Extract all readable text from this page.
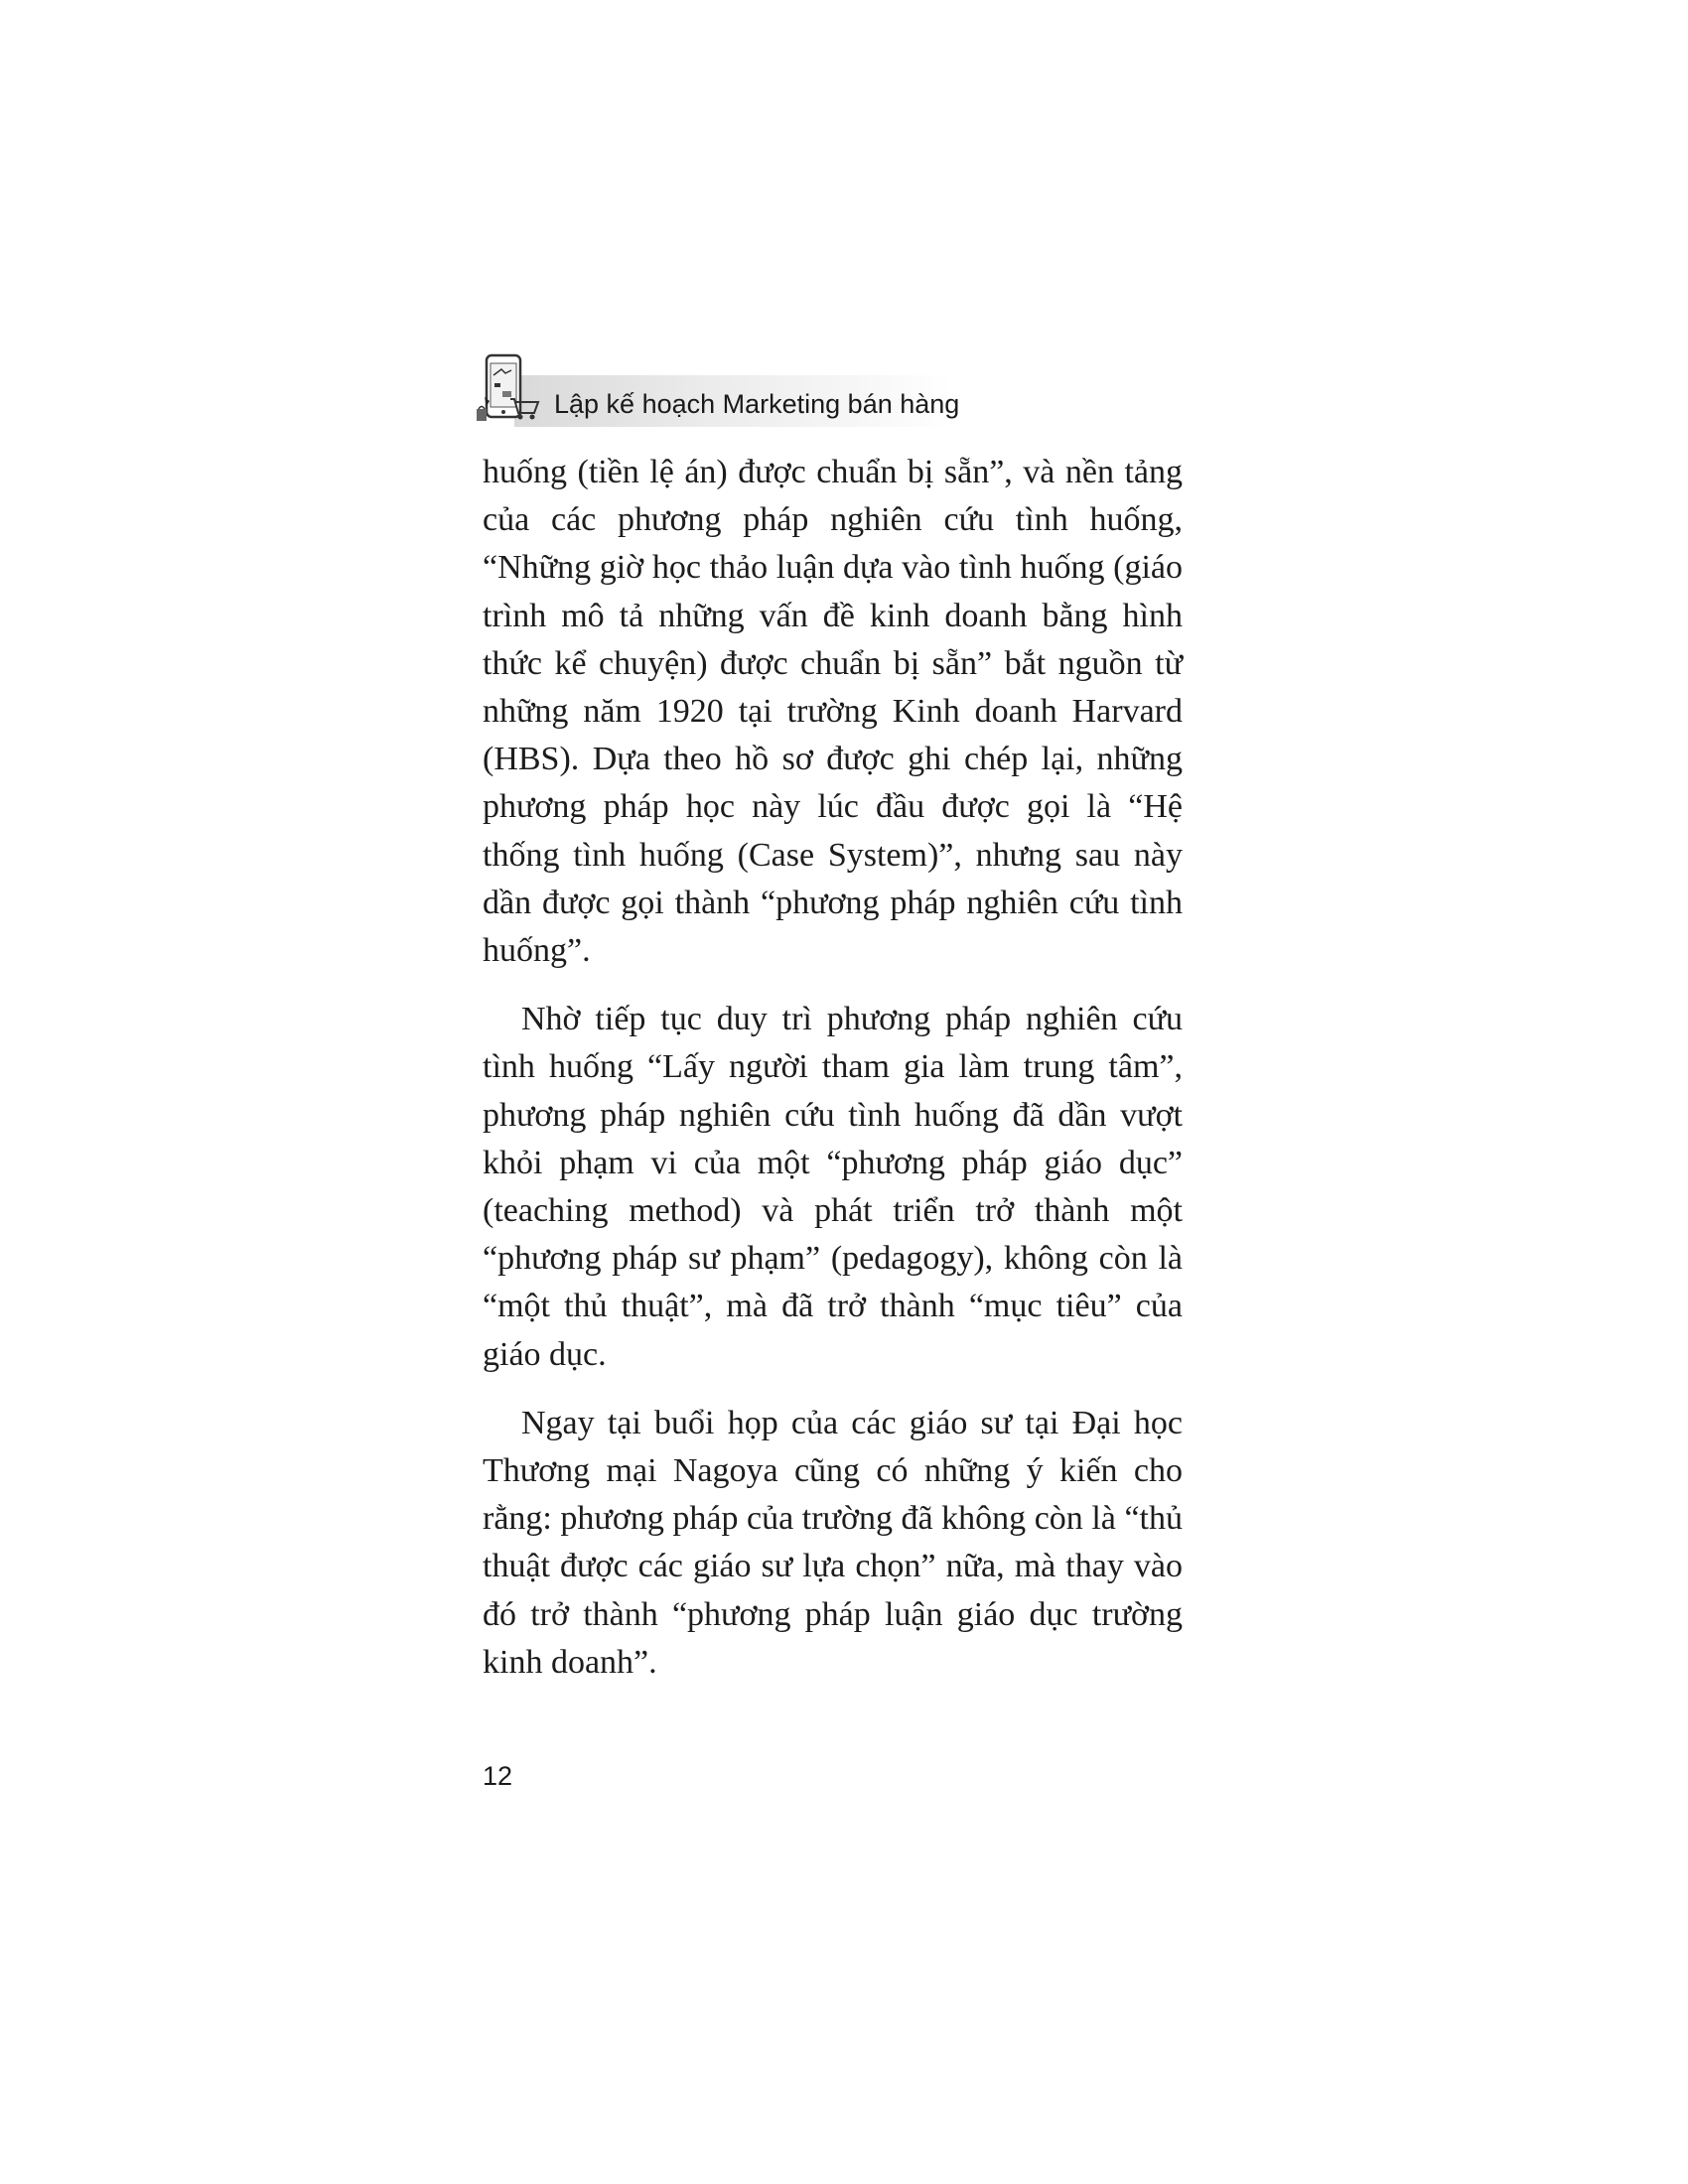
Lập kế hoạch Marketing bán hàng

huống (tiền lệ án) được chuẩn bị sẵn”, và nền tảng của các phương pháp nghiên cứu tình huống, “Những giờ học thảo luận dựa vào tình huống (giáo trình mô tả những vấn đề kinh doanh bằng hình thức kể chuyện) được chuẩn bị sẵn” bắt nguồn từ những năm 1920 tại trường Kinh doanh Harvard (HBS). Dựa theo hồ sơ được ghi chép lại, những phương pháp học này lúc đầu được gọi là “Hệ thống tình huống (Case System)”, nhưng sau này dần được gọi thành “phương pháp nghiên cứu tình huống”.

Nhờ tiếp tục duy trì phương pháp nghiên cứu tình huống “Lấy người tham gia làm trung tâm”, phương pháp nghiên cứu tình huống đã dần vượt khỏi phạm vi của một “phương pháp giáo dục” (teaching method) và phát triển trở thành một “phương pháp sư phạm” (pedagogy), không còn là “một thủ thuật”, mà đã trở thành “mục tiêu” của giáo dục.

Ngay tại buổi họp của các giáo sư tại Đại học Thương mại Nagoya cũng có những ý kiến cho rằng: phương pháp của trường đã không còn là “thủ thuật được các giáo sư lựa chọn” nữa, mà thay vào đó trở thành “phương pháp luận giáo dục trường kinh doanh”.

12
